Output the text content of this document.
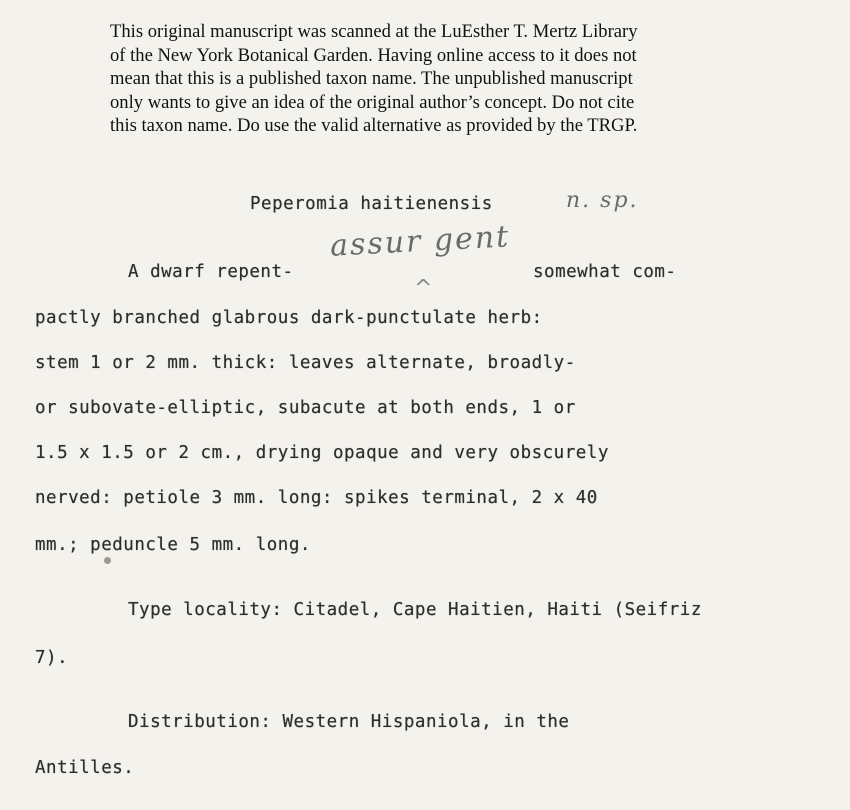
This original manuscript was scanned at the LuEsther T. Mertz Library
of the New York Botanical Garden. Having online access to it does not
mean that this is a published taxon name. The unpublished manuscript
only wants to give an idea of the original author’s concept. Do not cite
this taxon name. Do use the valid alternative as provided by the TRGP.
Peperomia haitienensis	n. sp.
assur gent
^
A dwarf repent-	somewhat com-
pactly branched glabrous dark-punctulate herb:
stem 1 or 2 mm. thick: leaves alternate, broadly-
or subovate-elliptic, subacute at both ends, 1 or
1.5 x 1.5 or 2 cm., drying opaque and very obscurely
nerved: petiole 3 mm. long: spikes terminal, 2 x 40
mm.; peduncle 5 mm. long.
Type locality: Citadel, Cape Haitien, Haiti (Seifriz
7).
Distribution: Western Hispaniola, in the
Antilles.
